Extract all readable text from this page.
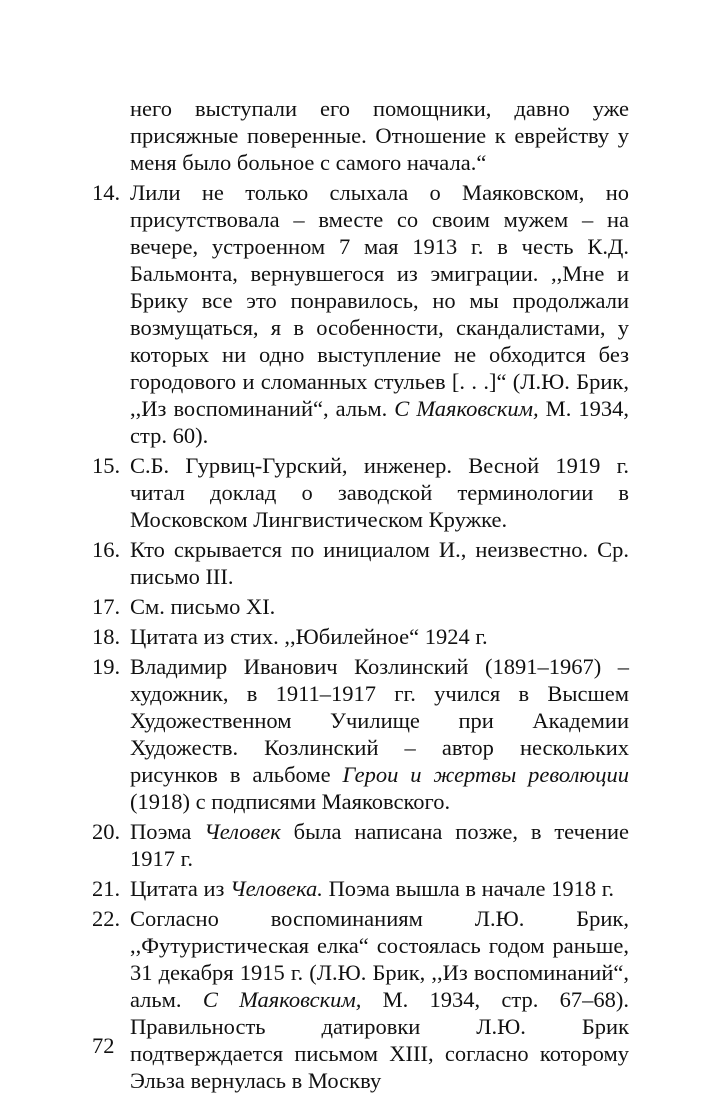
него выступали его помощники, давно уже присяжные поверенные. Отношение к еврейству у меня было больное с самого начала.“
14. Лили не только слыхала о Маяковском, но присутствовала – вместе со своим мужем – на вечере, устроенном 7 мая 1913 г. в честь К.Д. Бальмонта, вернувшегося из эмиграции. ,,Мне и Брику все это понравилось, но мы продолжали возмущаться, я в особенности, скандалистами, у которых ни одно выступление не обходится без городового и сломанных стульев [. . .]“ (Л.Ю. Брик, ,,Из воспоминаний“, альм. С Маяковским, М. 1934, стр. 60).
15. С.Б. Гурвиц-Гурский, инженер. Весной 1919 г. читал доклад о заводской терминологии в Московском Лингвистическом Кружке.
16. Кто скрывается по инициалом И., неизвестно. Ср. письмо III.
17. См. письмо XI.
18. Цитата из стих. ,,Юбилейное“ 1924 г.
19. Владимир Иванович Козлинский (1891–1967) – художник, в 1911–1917 гг. учился в Высшем Художественном Училище при Академии Художеств. Козлинский – автор нескольких рисунков в альбоме Герои и жертвы революции (1918) с подписями Маяковского.
20. Поэма Человек была написана позже, в течение 1917 г.
21. Цитата из Человека. Поэма вышла в начале 1918 г.
22. Согласно воспоминаниям Л.Ю. Брик, ,,Футуристическая елка“ состоялась годом раньше, 31 декабря 1915 г. (Л.Ю. Брик, ,,Из воспоминаний“, альм. С Маяковским, М. 1934, стр. 67–68). Правильность датировки Л.Ю. Брик подтверждается письмом XIII, согласно которому Эльза вернулась в Москву
72
